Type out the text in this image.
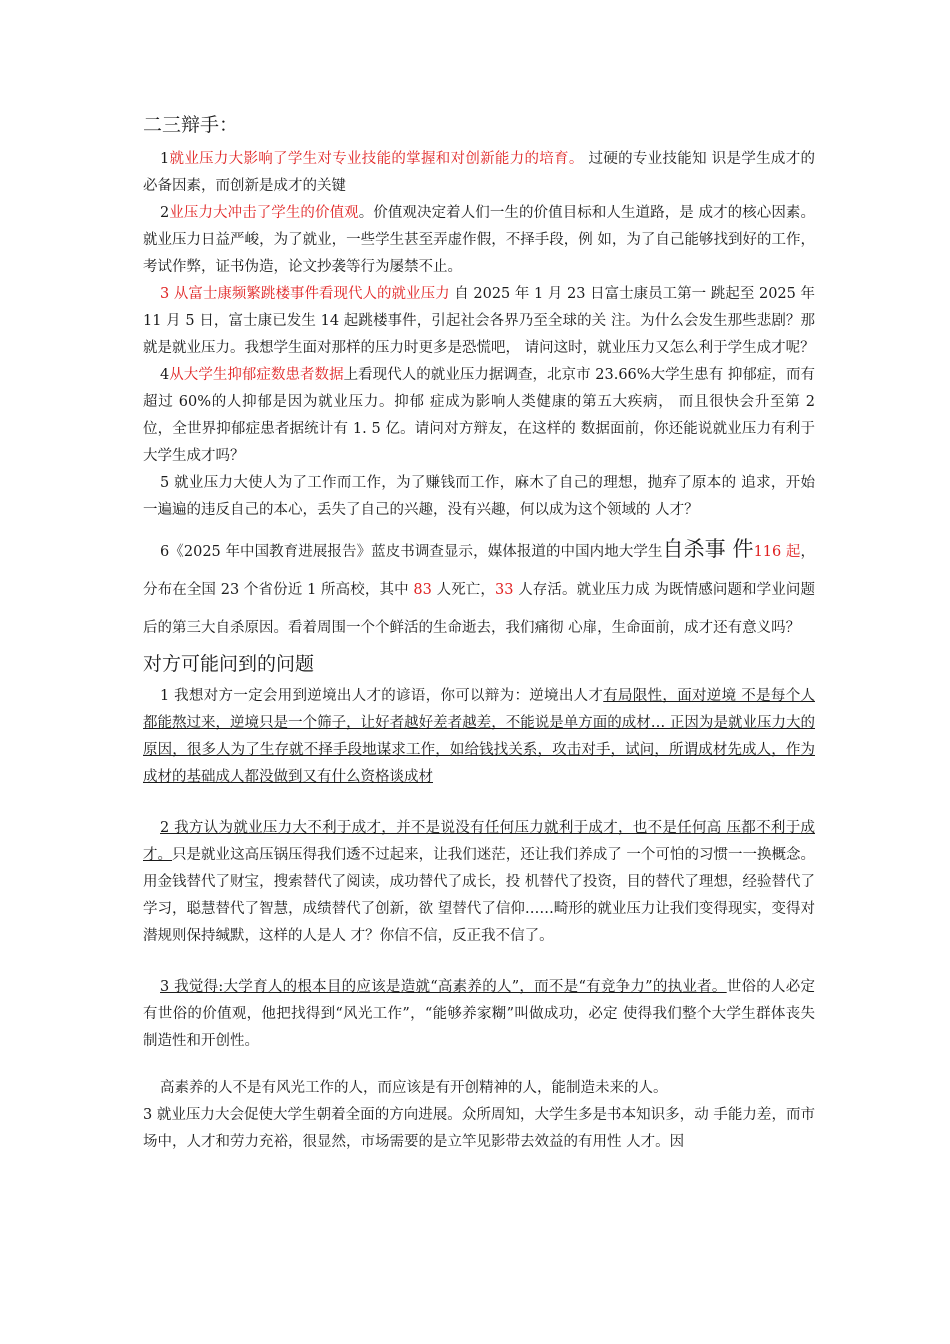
二三辩手：

1就业压力大影响了学生对专业技能的掌握和对创新能力的培育。 过硬的专业技能知 识是学生成才的必备因素，而创新是成才的关键

2业压力大冲击了学生的价值观。价值观决定着人们一生的价值目标和人生道路，是 成才的核心因素。就业压力日益严峻，为了就业，一些学生甚至弄虚作假，不择手段，例 如，为了自己能够找到好的工作，考试作弊，证书伪造，论文抄袭等行为屡禁不止。

3 从富士康频繁跳楼事件看现代人的就业压力 自 2025 年 1 月 23 日富士康员工第一 跳起至 2025 年 11 月 5 日，富士康已发生 14 起跳楼事件，引起社会各界乃至全球的关 注。为什么会发生那些悲剧？那就是就业压力。我想学生面对那样的压力时更多是恐慌吧， 请问这时，就业压力又怎么利于学生成才呢？

4从大学生抑郁症数患者数据上看现代人的就业压力据调查，北京市 23.66%大学生患有 抑郁症，而有超过 60%的人抑郁是因为就业压力。抑郁 症成为影响人类健康的第五大疾病， 而且很快会升至第 2 位，全世界抑郁症患者据统计有 1. 5 亿。请问对方辩友，在这样的 数据面前，你还能说就业压力有利于大学生成才吗？

5 就业压力大使人为了工作而工作，为了赚钱而工作，麻木了自己的理想，抛弃了原本的 追求，开始一遍遍的违反自己的本心，丢失了自己的兴趣，没有兴趣，何以成为这个领域的 人才？

6《2025 年中国教育进展报告》蓝皮书调查显示，媒体报道的中国内地大学生自杀事 件116 起，分布在全国 23 个省份近 1 所高校，其中 83 人死亡，33 人存活。就业压力成 为既情感问题和学业问题后的第三大自杀原因。看着周围一个个鲜活的生命逝去，我们痛彻 心扉，生命面前，成才还有意义吗？

对方可能问到的问题

1 我想对方一定会用到逆境出人才的谚语，你可以辩为：逆境出人才有局限性，面对逆境 不是每个人都能熬过来，逆境只是一个筛子，让好者越好差者越差，不能说是单方面的成材… 正因为是就业压力大的原因，很多人为了生存就不择手段地谋求工作，如给钱找关系，攻击对手，试问，所谓成材先成人，作为成材的基础成人都没做到又有什么资格谈成材

2 我方认为就业压力大不利于成才，并不是说没有任何压力就利于成才，也不是任何高 压都不利于成才。只是就业这高压锅压得我们透不过起来，让我们迷茫，还让我们养成了 一个可怕的习惯一一换概念。用金钱替代了财宝，搜索替代了阅读，成功替代了成长，投 机替代了投资，目的替代了理想，经验替代了学习，聪慧替代了智慧，成绩替代了创新，欲 望替代了信仰……畸形的就业压力让我们变得现实，变得对潜规则保持缄默，这样的人是人 才？你信不信，反正我不信了。

3 我觉得:大学育人的根本目的应该是造就“高素养的人”，而不是“有竞争力”的执业者。世俗的人必定有世俗的价值观，他把找得到“风光工作”，“能够养家糊”叫做成功，必定 使得我们整个大学生群体丧失制造性和开创性。

高素养的人不是有风光工作的人，而应该是有开创精神的人，能制造未来的人。

3 就业压力大会促使大学生朝着全面的方向进展。众所周知，大学生多是书本知识多，动 手能力差，而市场中，人才和劳力充裕，很显然，市场需要的是立竿见影带去效益的有用性 人才。因
